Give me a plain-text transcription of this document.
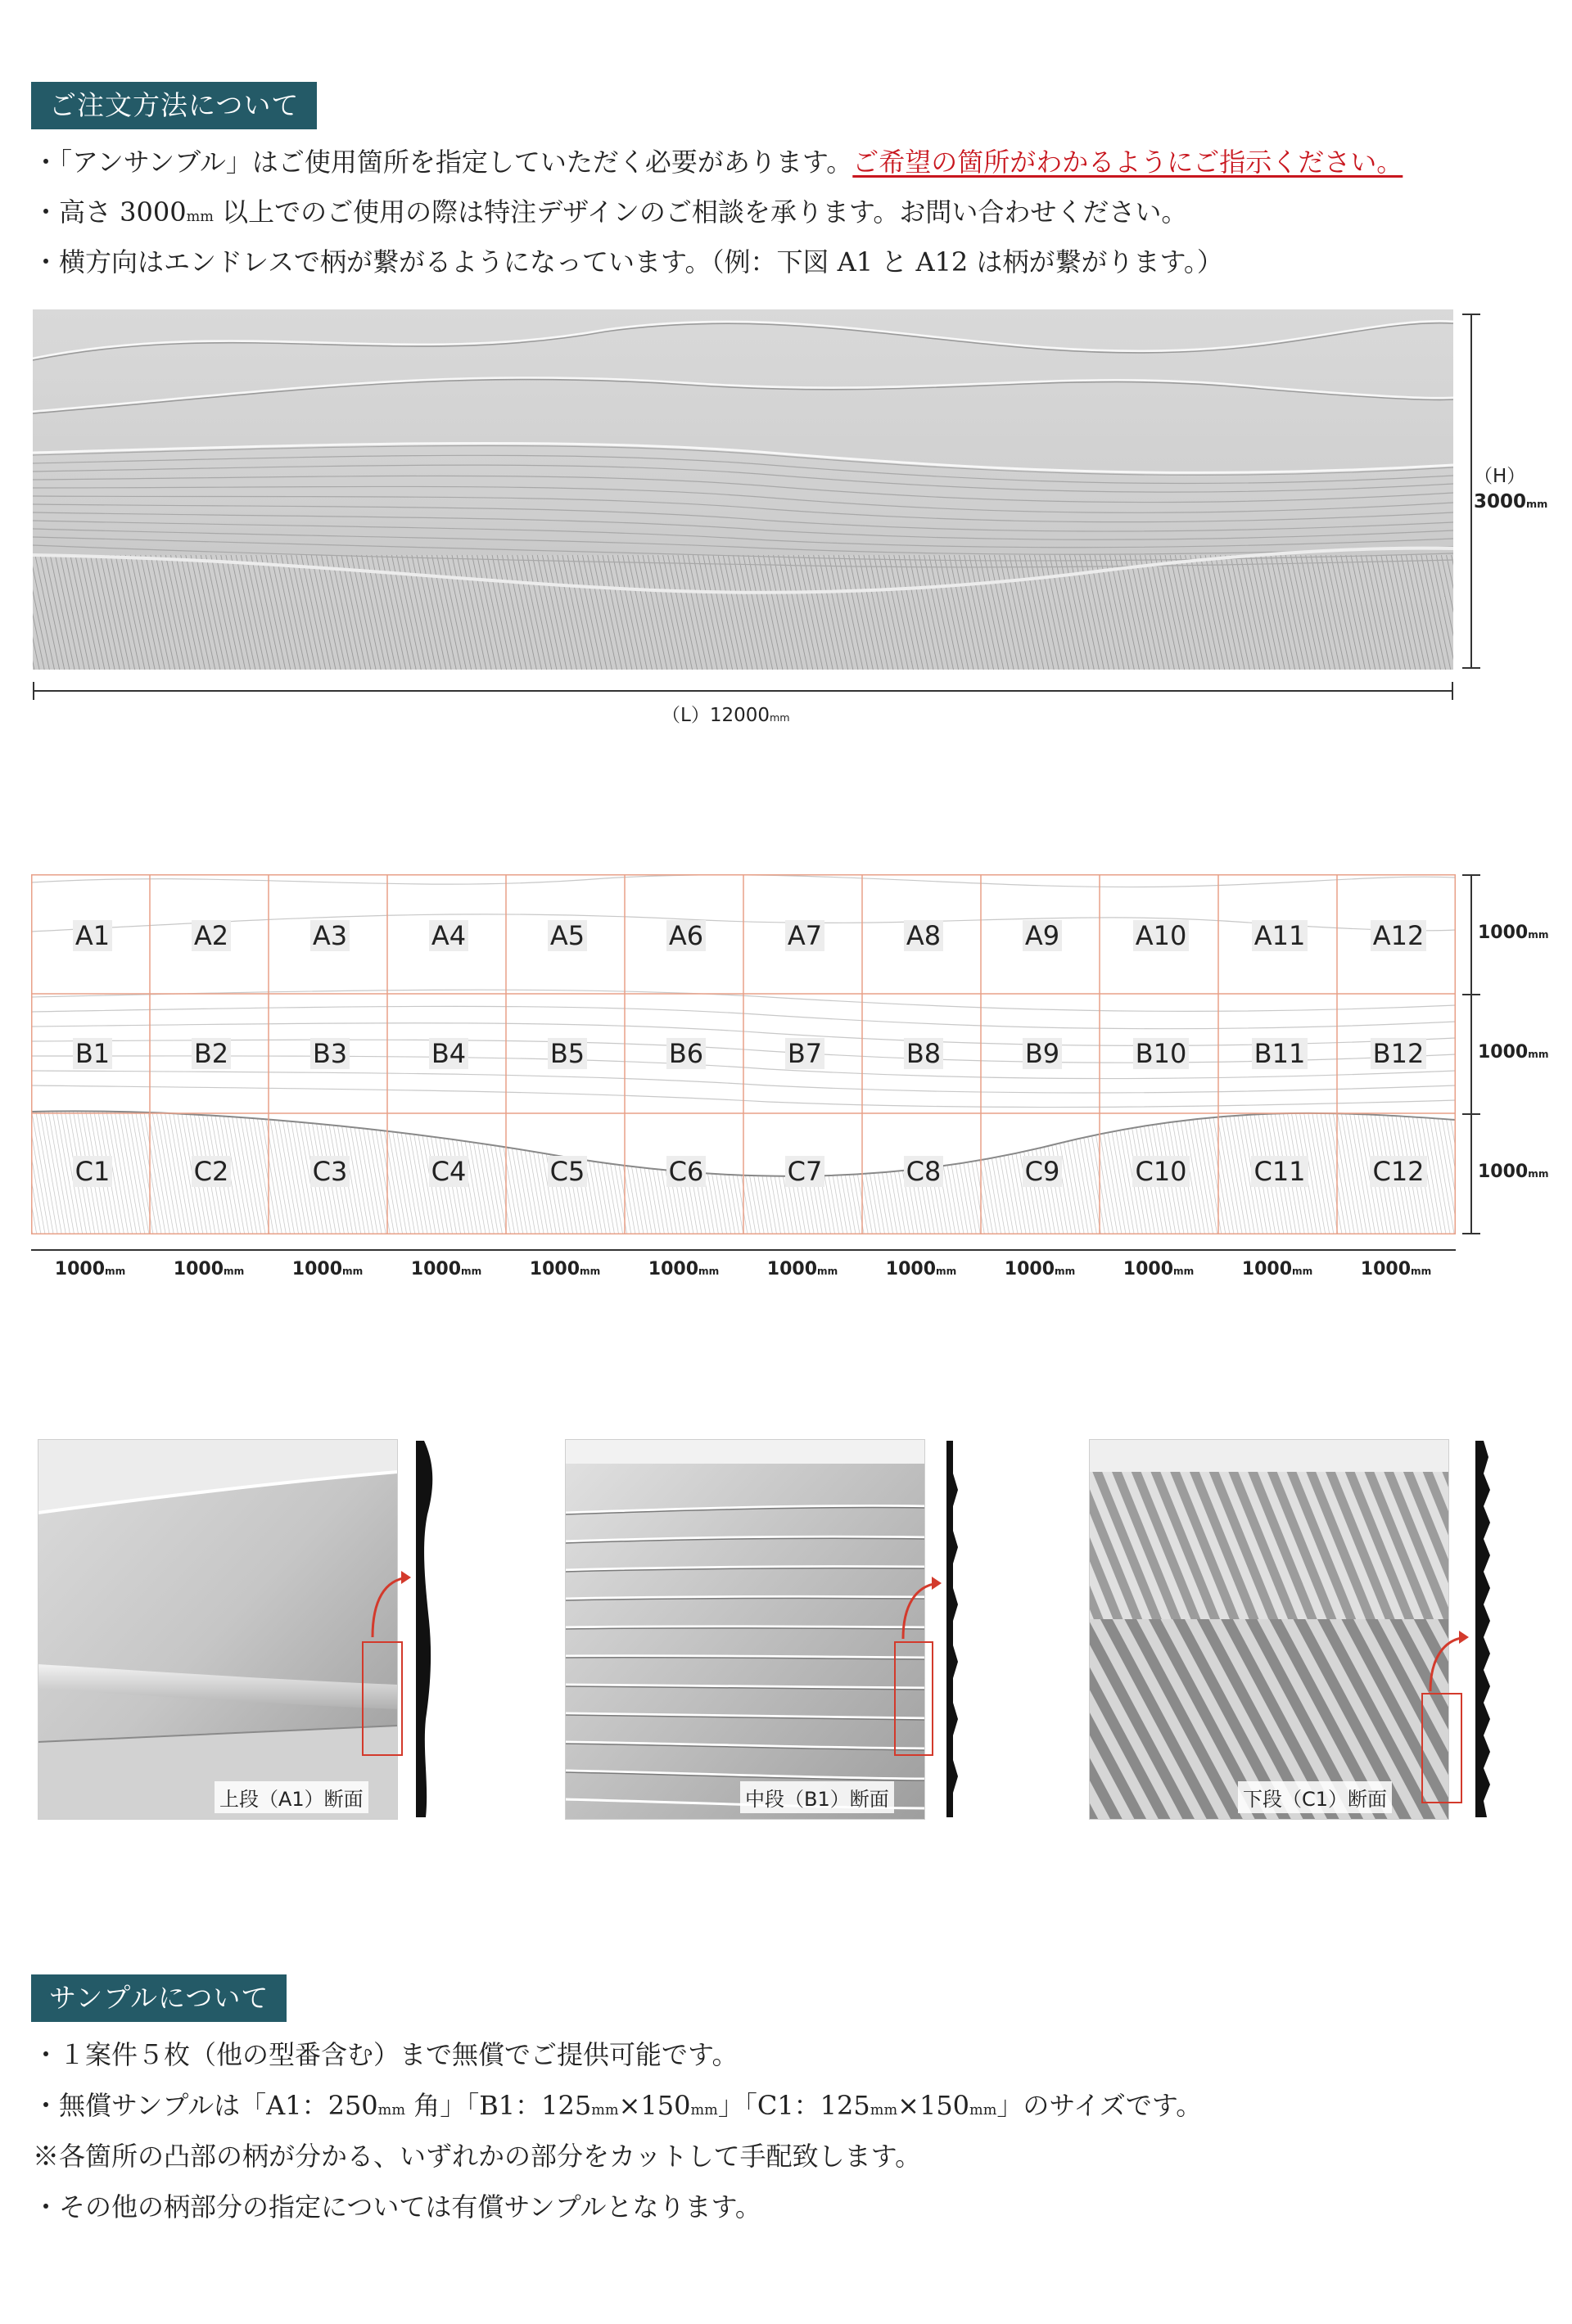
ご注文方法について
・「アンサンブル」はご使用箇所を指定していただく必要があります。ご希望の箇所がわかるようにご指示ください。
・高さ 3000mm 以上でのご使用の際は特注デザインのご相談を承ります。お問い合わせください。
・横方向はエンドレスで柄が繋がるようになっています。（例：下図 A1 と A12 は柄が繋がります。）
（H）
3000mm
（L）12000mm
A1	A2	A3	A4	A5	A6	A7	A8	A9	A10	A11	A12
B1	B2	B3	B4	B5	B6	B7	B8	B9	B10	B11	B12
C1	C2	C3	C4	C5	C6	C7	C8	C9	C10	C11	C12
1000mm
1000mm
1000mm
1000mm	1000mm	1000mm	1000mm	1000mm	1000mm	1000mm	1000mm	1000mm	1000mm	1000mm	1000mm
上段（A1）断面	中段（B1）断面	下段（C1）断面
サンプルについて
・１案件５枚（他の型番含む）まで無償でご提供可能です。
・無償サンプルは「A1：250mm 角」「B1：125mm×150mm」「C1：125mm×150mm」のサイズです。
※各箇所の凸部の柄が分かる、いずれかの部分をカットして手配致します。
・その他の柄部分の指定については有償サンプルとなります。
